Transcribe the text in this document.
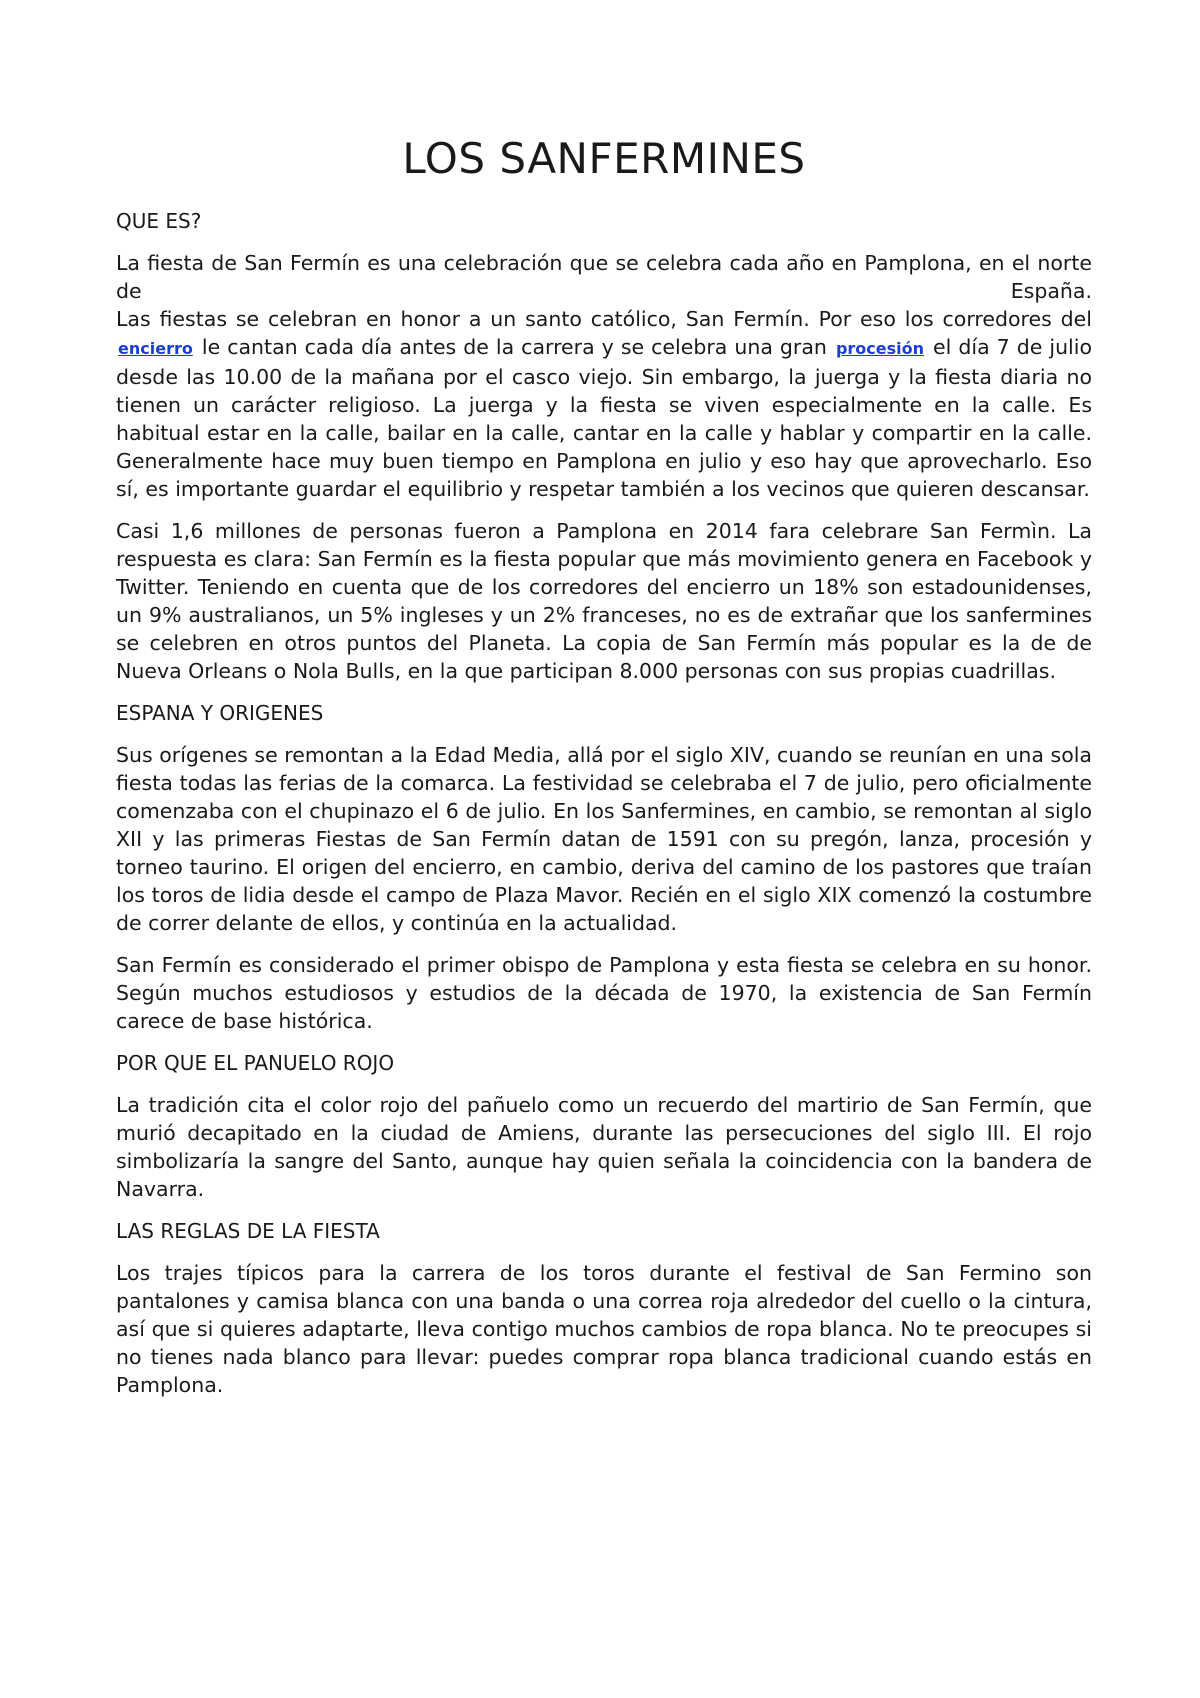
LOS SANFERMINES
QUE ES?

La fiesta de San Fermín es una celebración que se celebra cada año en Pamplona, en el norte de España.

Las fiestas se celebran en honor a un santo católico, San Fermín. Por eso los corredores del encierro le cantan cada día antes de la carrera y se celebra una gran procesión el día 7 de julio desde las 10.00 de la mañana por el casco viejo. Sin embargo, la juerga y la fiesta diaria no tienen un carácter religioso. La juerga y la fiesta se viven especialmente en la calle. Es habitual estar en la calle, bailar en la calle, cantar en la calle y hablar y compartir en la calle. Generalmente hace muy buen tiempo en Pamplona en julio y eso hay que aprovecharlo. Eso sí, es importante guardar el equilibrio y respetar también a los vecinos que quieren descansar.

Casi 1,6 millones de personas fueron a Pamplona en 2014 fara celebrare San Fermìn. La respuesta es clara: San Fermín es la fiesta popular que más movimiento genera en Facebook y Twitter. Teniendo en cuenta que de los corredores del encierro un 18% son estadounidenses, un 9% australianos, un 5% ingleses y un 2% franceses, no es de extrañar que los sanfermines se celebren en otros puntos del Planeta. La copia de San Fermín más popular es la de de Nueva Orleans o Nola Bulls, en la que participan 8.000 personas con sus propias cuadrillas.

ESPANA Y ORIGENES

Sus orígenes se remontan a la Edad Media, allá por el siglo XIV, cuando se reunían en una sola fiesta todas las ferias de la comarca. La festividad se celebraba el 7 de julio, pero oficialmente comenzaba con el chupinazo el 6 de julio. En los Sanfermines, en cambio, se remontan al siglo XII y las primeras Fiestas de San Fermín datan de 1591 con su pregón, lanza, procesión y torneo taurino. El origen del encierro, en cambio, deriva del camino de los pastores que traían los toros de lidia desde el campo de Plaza Mavor. Recién en el siglo XIX comenzó la costumbre de correr delante de ellos, y continúa en la actualidad.

San Fermín es considerado el primer obispo de Pamplona y esta fiesta se celebra en su honor. Según muchos estudiosos y estudios de la década de 1970, la existencia de San Fermín carece de base histórica.

POR QUE EL PANUELO ROJO

La tradición cita el color rojo del pañuelo como un recuerdo del martirio de San Fermín, que murió decapitado en la ciudad de Amiens, durante las persecuciones del siglo III. El rojo simbolizaría la sangre del Santo, aunque hay quien señala la coincidencia con la bandera de Navarra.

LAS REGLAS DE LA FIESTA

Los trajes típicos para la carrera de los toros durante el festival de San Fermino son pantalones y camisa blanca con una banda o una correa roja alrededor del cuello o la cintura, así que si quieres adaptarte, lleva contigo muchos cambios de ropa blanca. No te preocupes si no tienes nada blanco para llevar: puedes comprar ropa blanca tradicional cuando estás en Pamplona.
